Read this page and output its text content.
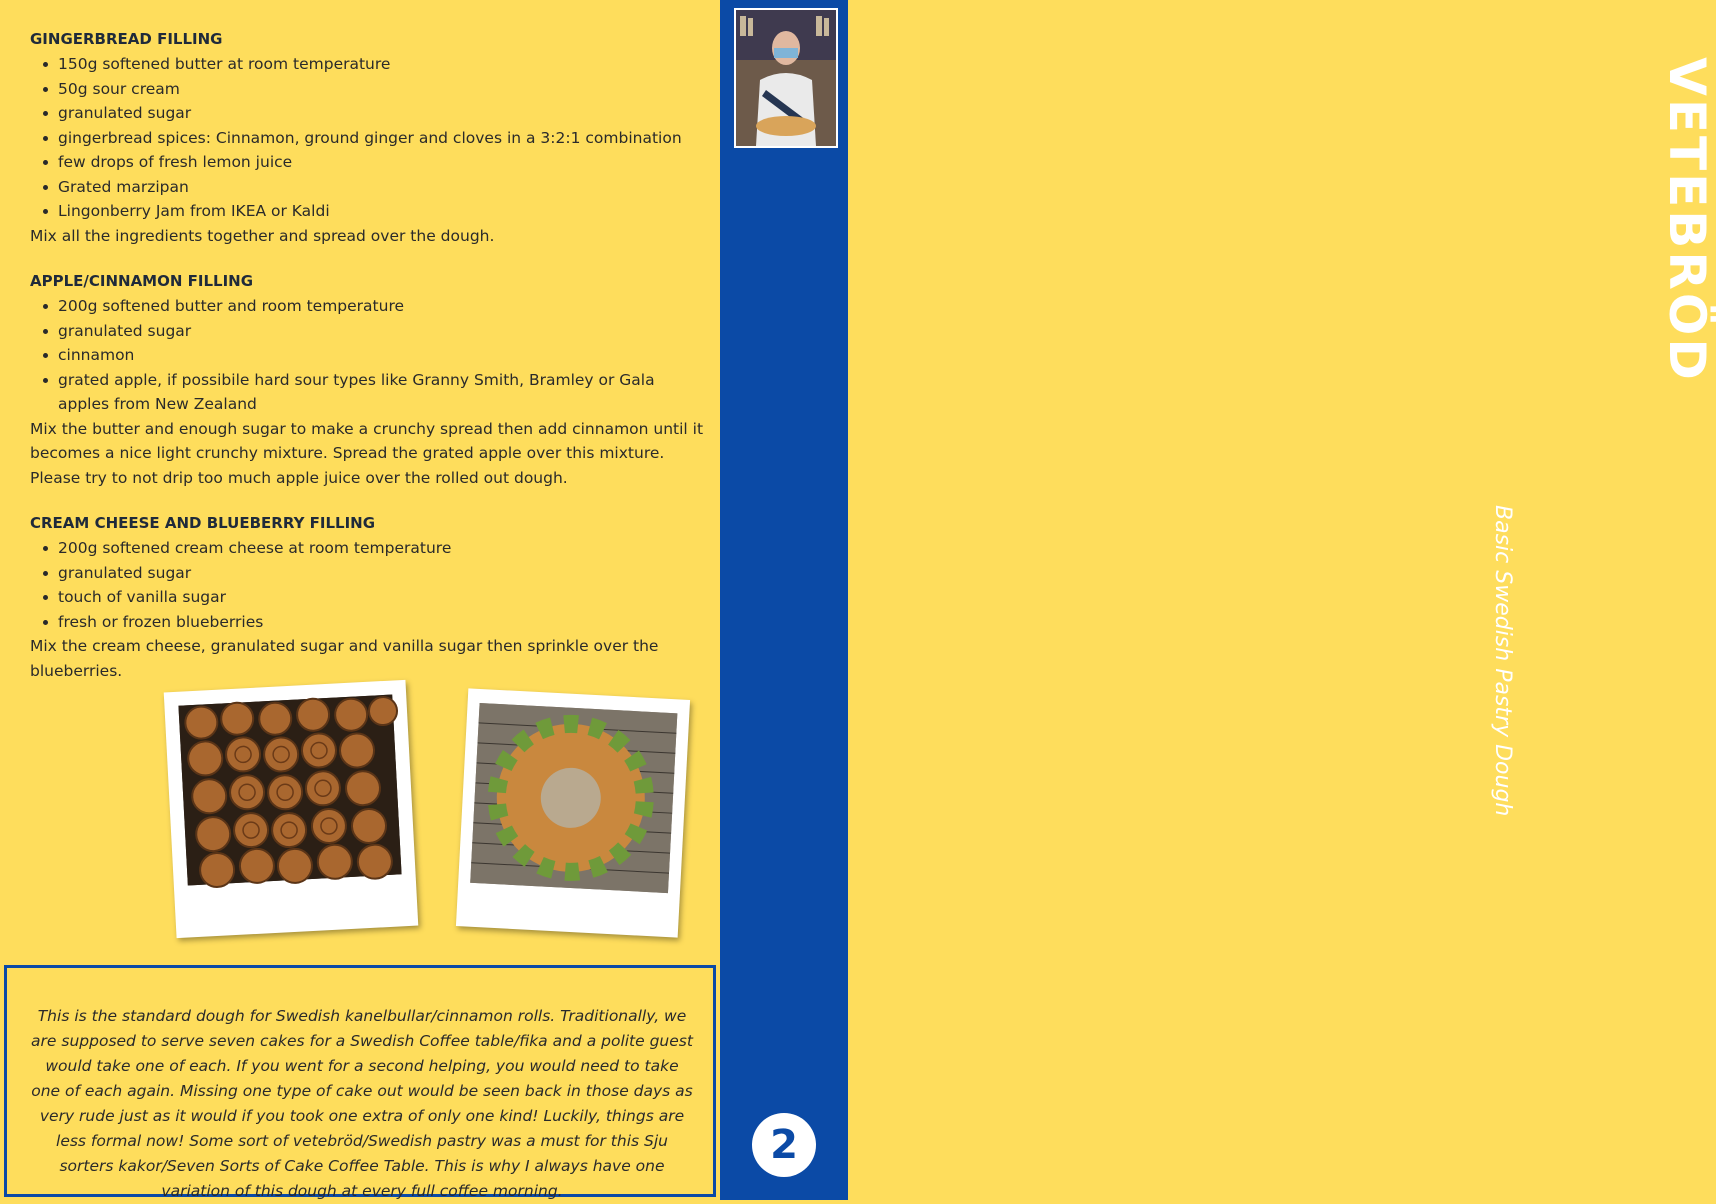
GINGERBREAD FILLING

150g softened butter at room temperature
50g sour cream
granulated sugar
gingerbread spices: Cinnamon, ground ginger and cloves in a 3:2:1 combination
few drops of fresh lemon juice
Grated marzipan
Lingonberry Jam from IKEA or Kaldi

Mix all the ingredients together and spread over the dough.

APPLE/CINNAMON FILLING

200g softened butter and room temperature
granulated sugar
cinnamon
grated apple, if possibile hard sour types like Granny Smith, Bramley or Gala apples from New Zealand

Mix the butter and enough sugar to make a crunchy spread then add cinnamon until it becomes a nice light crunchy mixture. Spread the grated apple over this mixture. Please try to not drip too much apple juice over the rolled out dough.

CREAM CHEESE AND BLUEBERRY FILLING

200g softened cream cheese at room temperature
granulated sugar
touch of vanilla sugar
fresh or frozen blueberries

Mix the cream cheese, granulated sugar and vanilla sugar then sprinkle over the blueberries.

This is the standard dough for Swedish kanelbullar/cinnamon rolls. Traditionally, we are supposed to serve seven cakes for a Swedish Coffee table/fika and a polite guest would take one of each. If you went for a second helping, you would need to take one of each again. Missing one type of cake out would be seen back in those days as very rude just as it would if you took one extra of only one kind! Luckily, things are less formal now! Some sort of vetebröd/Swedish pastry was a must for this Sju sorters kakor/Seven Sorts of Cake Coffee Table. This is why I always have one variation of this dough at every full coffee morning.

VETEBRÖD
Basic Swedish Pastry Dough
2
